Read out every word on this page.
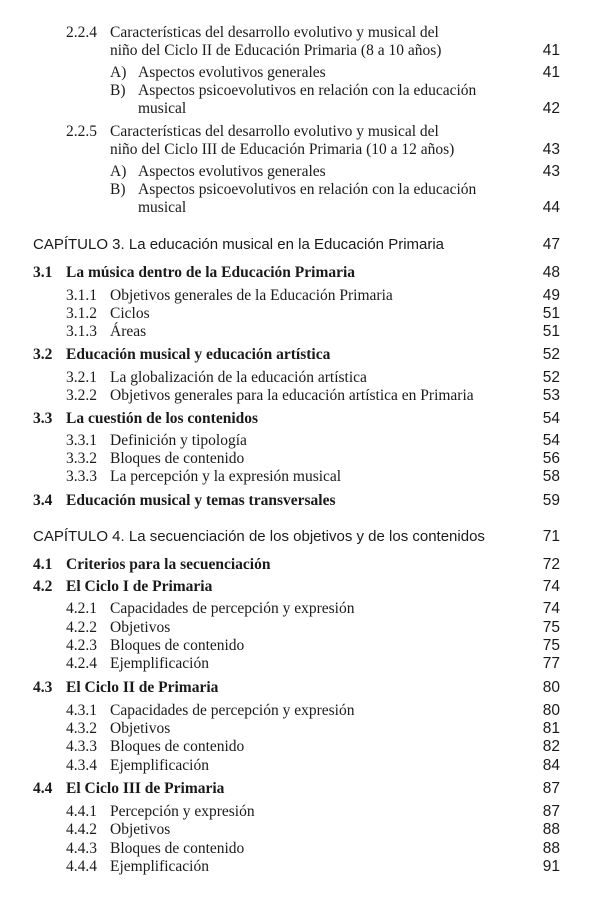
2.2.4 Características del desarrollo evolutivo y musical del
niño del Ciclo II de Educación Primaria (8 a 10 años)	41
A) Aspectos evolutivos generales	41
B) Aspectos psicoevolutivos en relación con la educación
musical	42
2.2.5 Características del desarrollo evolutivo y musical del
niño del Ciclo III de Educación Primaria (10 a 12 años)	43
A) Aspectos evolutivos generales	43
B) Aspectos psicoevolutivos en relación con la educación
musical	44
CAPÍTULO 3. La educación musical en la Educación Primaria	47
3.1 La música dentro de la Educación Primaria	48
3.1.1 Objetivos generales de la Educación Primaria	49
3.1.2 Ciclos	51
3.1.3 Áreas	51
3.2 Educación musical y educación artística	52
3.2.1 La globalización de la educación artística	52
3.2.2 Objetivos generales para la educación artística en Primaria	53
3.3 La cuestión de los contenidos	54
3.3.1 Definición y tipología	54
3.3.2 Bloques de contenido	56
3.3.3 La percepción y la expresión musical	58
3.4 Educación musical y temas transversales	59
CAPÍTULO 4. La secuenciación de los objetivos y de los contenidos	71
4.1 Criterios para la secuenciación	72
4.2 El Ciclo I de Primaria	74
4.2.1 Capacidades de percepción y expresión	74
4.2.2 Objetivos	75
4.2.3 Bloques de contenido	75
4.2.4 Ejemplificación	77
4.3 El Ciclo II de Primaria	80
4.3.1 Capacidades de percepción y expresión	80
4.3.2 Objetivos	81
4.3.3 Bloques de contenido	82
4.3.4 Ejemplificación	84
4.4 El Ciclo III de Primaria	87
4.4.1 Percepción y expresión	87
4.4.2 Objetivos	88
4.4.3 Bloques de contenido	88
4.4.4 Ejemplificación	91
